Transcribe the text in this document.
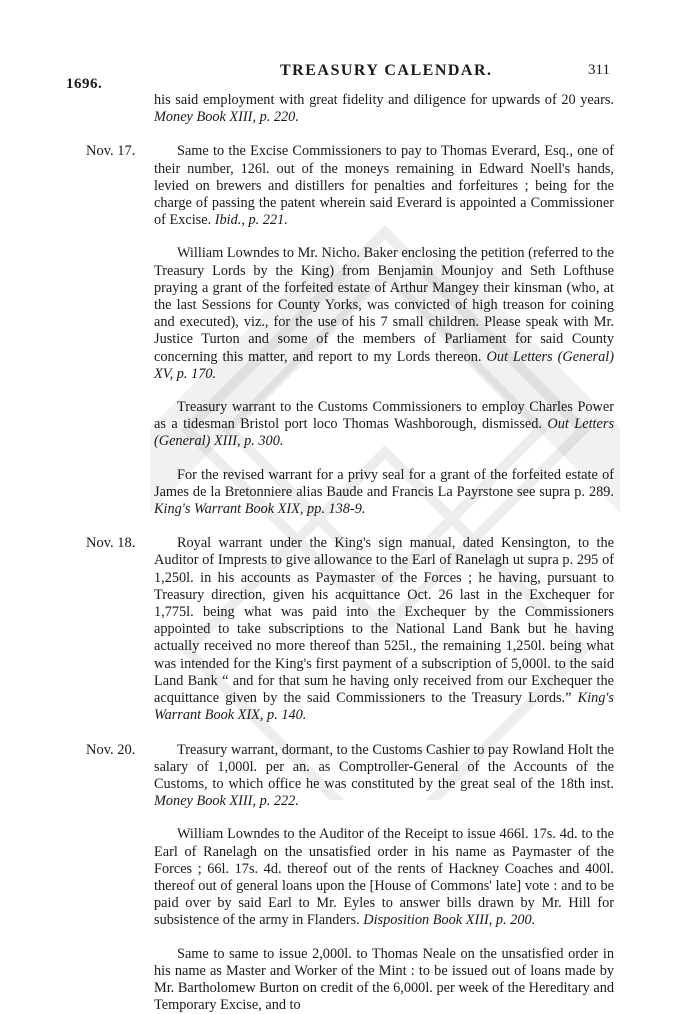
1696.
TREASURY CALENDAR.	311

his said employment with great fidelity and diligence for upwards of 20 years. Money Book XIII, p. 220.

Nov. 17.	Same to the Excise Commissioners to pay to Thomas Everard, Esq., one of their number, 126l. out of the moneys remaining in Edward Noell's hands, levied on brewers and distillers for penalties and forfeitures ; being for the charge of passing the patent wherein said Everard is appointed a Commissioner of Excise. Ibid., p. 221.

William Lowndes to Mr. Nicho. Baker enclosing the petition (referred to the Treasury Lords by the King) from Benjamin Mounjoy and Seth Lofthuse praying a grant of the forfeited estate of Arthur Mangey their kinsman (who, at the last Sessions for County Yorks, was convicted of high treason for coining and executed), viz., for the use of his 7 small children. Please speak with Mr. Justice Turton and some of the members of Parliament for said County concerning this matter, and report to my Lords thereon. Out Letters (General) XV, p. 170.

Treasury warrant to the Customs Commissioners to employ Charles Power as a tidesman Bristol port loco Thomas Washborough, dismissed. Out Letters (General) XIII, p. 300.

For the revised warrant for a privy seal for a grant of the forfeited estate of James de la Bretonniere alias Baude and Francis La Payrstone see supra p. 289. King's Warrant Book XIX, pp. 138-9.

Nov. 18.	Royal warrant under the King's sign manual, dated Kensington, to the Auditor of Imprests to give allowance to the Earl of Ranelagh ut supra p. 295 of 1,250l. in his accounts as Paymaster of the Forces ; he having, pursuant to Treasury direction, given his acquittance Oct. 26 last in the Exchequer for 1,775l. being what was paid into the Exchequer by the Commissioners appointed to take subscriptions to the National Land Bank but he having actually received no more thereof than 525l., the remaining 1,250l. being what was intended for the King's first payment of a subscription of 5,000l. to the said Land Bank “ and for that sum he having only received from our Exchequer the acquittance given by the said Commissioners to the Treasury Lords.” King's Warrant Book XIX, p. 140.

Nov. 20.	Treasury warrant, dormant, to the Customs Cashier to pay Rowland Holt the salary of 1,000l. per an. as Comptroller-General of the Accounts of the Customs, to which office he was constituted by the great seal of the 18th inst. Money Book XIII, p. 222.

William Lowndes to the Auditor of the Receipt to issue 466l. 17s. 4d. to the Earl of Ranelagh on the unsatisfied order in his name as Paymaster of the Forces ; 66l. 17s. 4d. thereof out of the rents of Hackney Coaches and 400l. thereof out of general loans upon the [House of Commons' late] vote : and to be paid over by said Earl to Mr. Eyles to answer bills drawn by Mr. Hill for subsistence of the army in Flanders. Disposition Book XIII, p. 200.

Same to same to issue 2,000l. to Thomas Neale on the unsatisfied order in his name as Master and Worker of the Mint : to be issued out of loans made by Mr. Bartholomew Burton on credit of the 6,000l. per week of the Hereditary and Temporary Excise, and to
